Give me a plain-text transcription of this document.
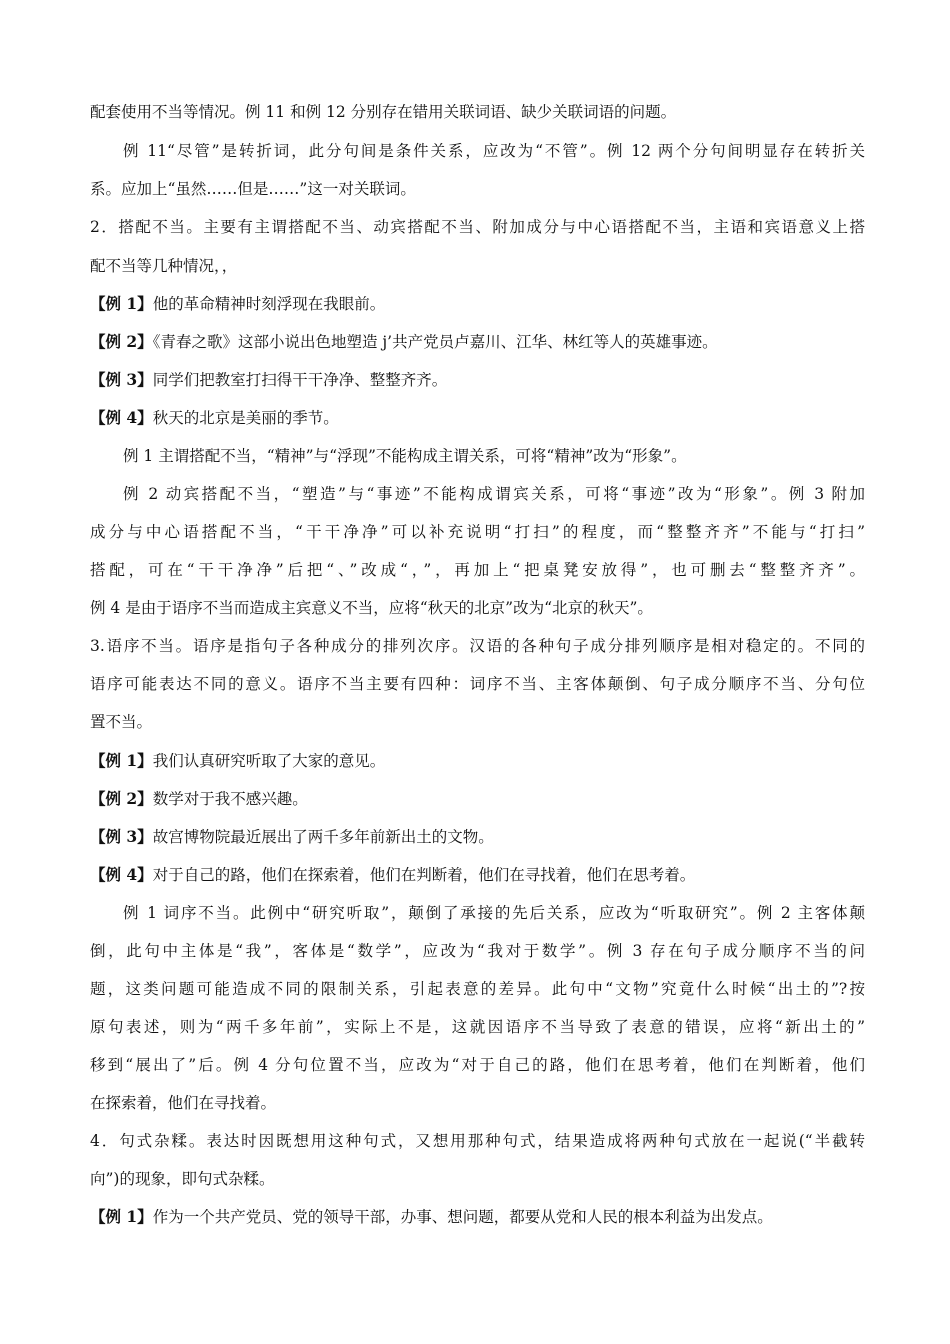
配套使用不当等情况。例 11 和例 12 分别存在错用关联词语、缺少关联词语的问题。
例 11“尽管”是转折词，此分句间是条件关系，应改为“不管”。例 12 两个分句间明显存在转折关
系。应加上“虽然……但是……”这一对关联词。
2．搭配不当。主要有主谓搭配不当、动宾搭配不当、附加成分与中心语搭配不当，主语和宾语意义上搭
配不当等几种情况，，
【例 1】他的革命精神时刻浮现在我眼前。
【例 2】《青春之歌》这部小说出色地塑造 j’共产党员卢嘉川、江华、林红等人的英雄事迹。
【例 3】同学们把教室打扫得干干净净、整整齐齐。
【例 4】秋天的北京是美丽的季节。
例 1 主谓搭配不当，“精神”与“浮现”不能构成主谓关系，可将“精神”改为“形象”。
例 2 动宾搭配不当，“塑造”与“事迹”不能构成谓宾关系，可将“事迹”改为“形象”。例 3 附加
成分与中心语搭配不当，“干干净净”可以补充说明“打扫”的程度，而“整整齐齐”不能与“打扫”
搭配，可在“干干净净”后把“、”改成“，”，再加上“把桌凳安放得”，也可删去“整整齐齐”。
例 4 是由于语序不当而造成主宾意义不当，应将“秋天的北京”改为“北京的秋天”。
3.语序不当。语序是指句子各种成分的排列次序。汉语的各种句子成分排列顺序是相对稳定的。不同的
语序可能表达不同的意义。语序不当主要有四种：词序不当、主客体颠倒、句子成分顺序不当、分句位
置不当。
【例 1】我们认真研究听取了大家的意见。
【例 2】数学对于我不感兴趣。
【例 3】故宫博物院最近展出了两千多年前新出土的文物。
【例 4】对于自己的路，他们在探索着，他们在判断着，他们在寻找着，他们在思考着。
例 1 词序不当。此例中“研究听取”，颠倒了承接的先后关系，应改为“听取研究”。例 2 主客体颠
倒，此句中主体是“我”，客体是“数学”，应改为“我对于数学”。例 3 存在句子成分顺序不当的问
题，这类问题可能造成不同的限制关系，引起表意的差异。此句中“文物”究竟什么时候“出土的”?按
原句表述，则为“两千多年前”，实际上不是，这就因语序不当导致了表意的错误，应将“新出土的”
移到“展出了”后。例 4 分句位置不当，应改为“对于自己的路，他们在思考着，他们在判断着，他们
在探索着，他们在寻找着。
4．句式杂糅。表达时因既想用这种句式，又想用那种句式，结果造成将两种句式放在一起说(“半截转
向”)的现象，即句式杂糅。
【例 1】作为一个共产党员、党的领导干部，办事、想问题，都要从党和人民的根本利益为出发点。
